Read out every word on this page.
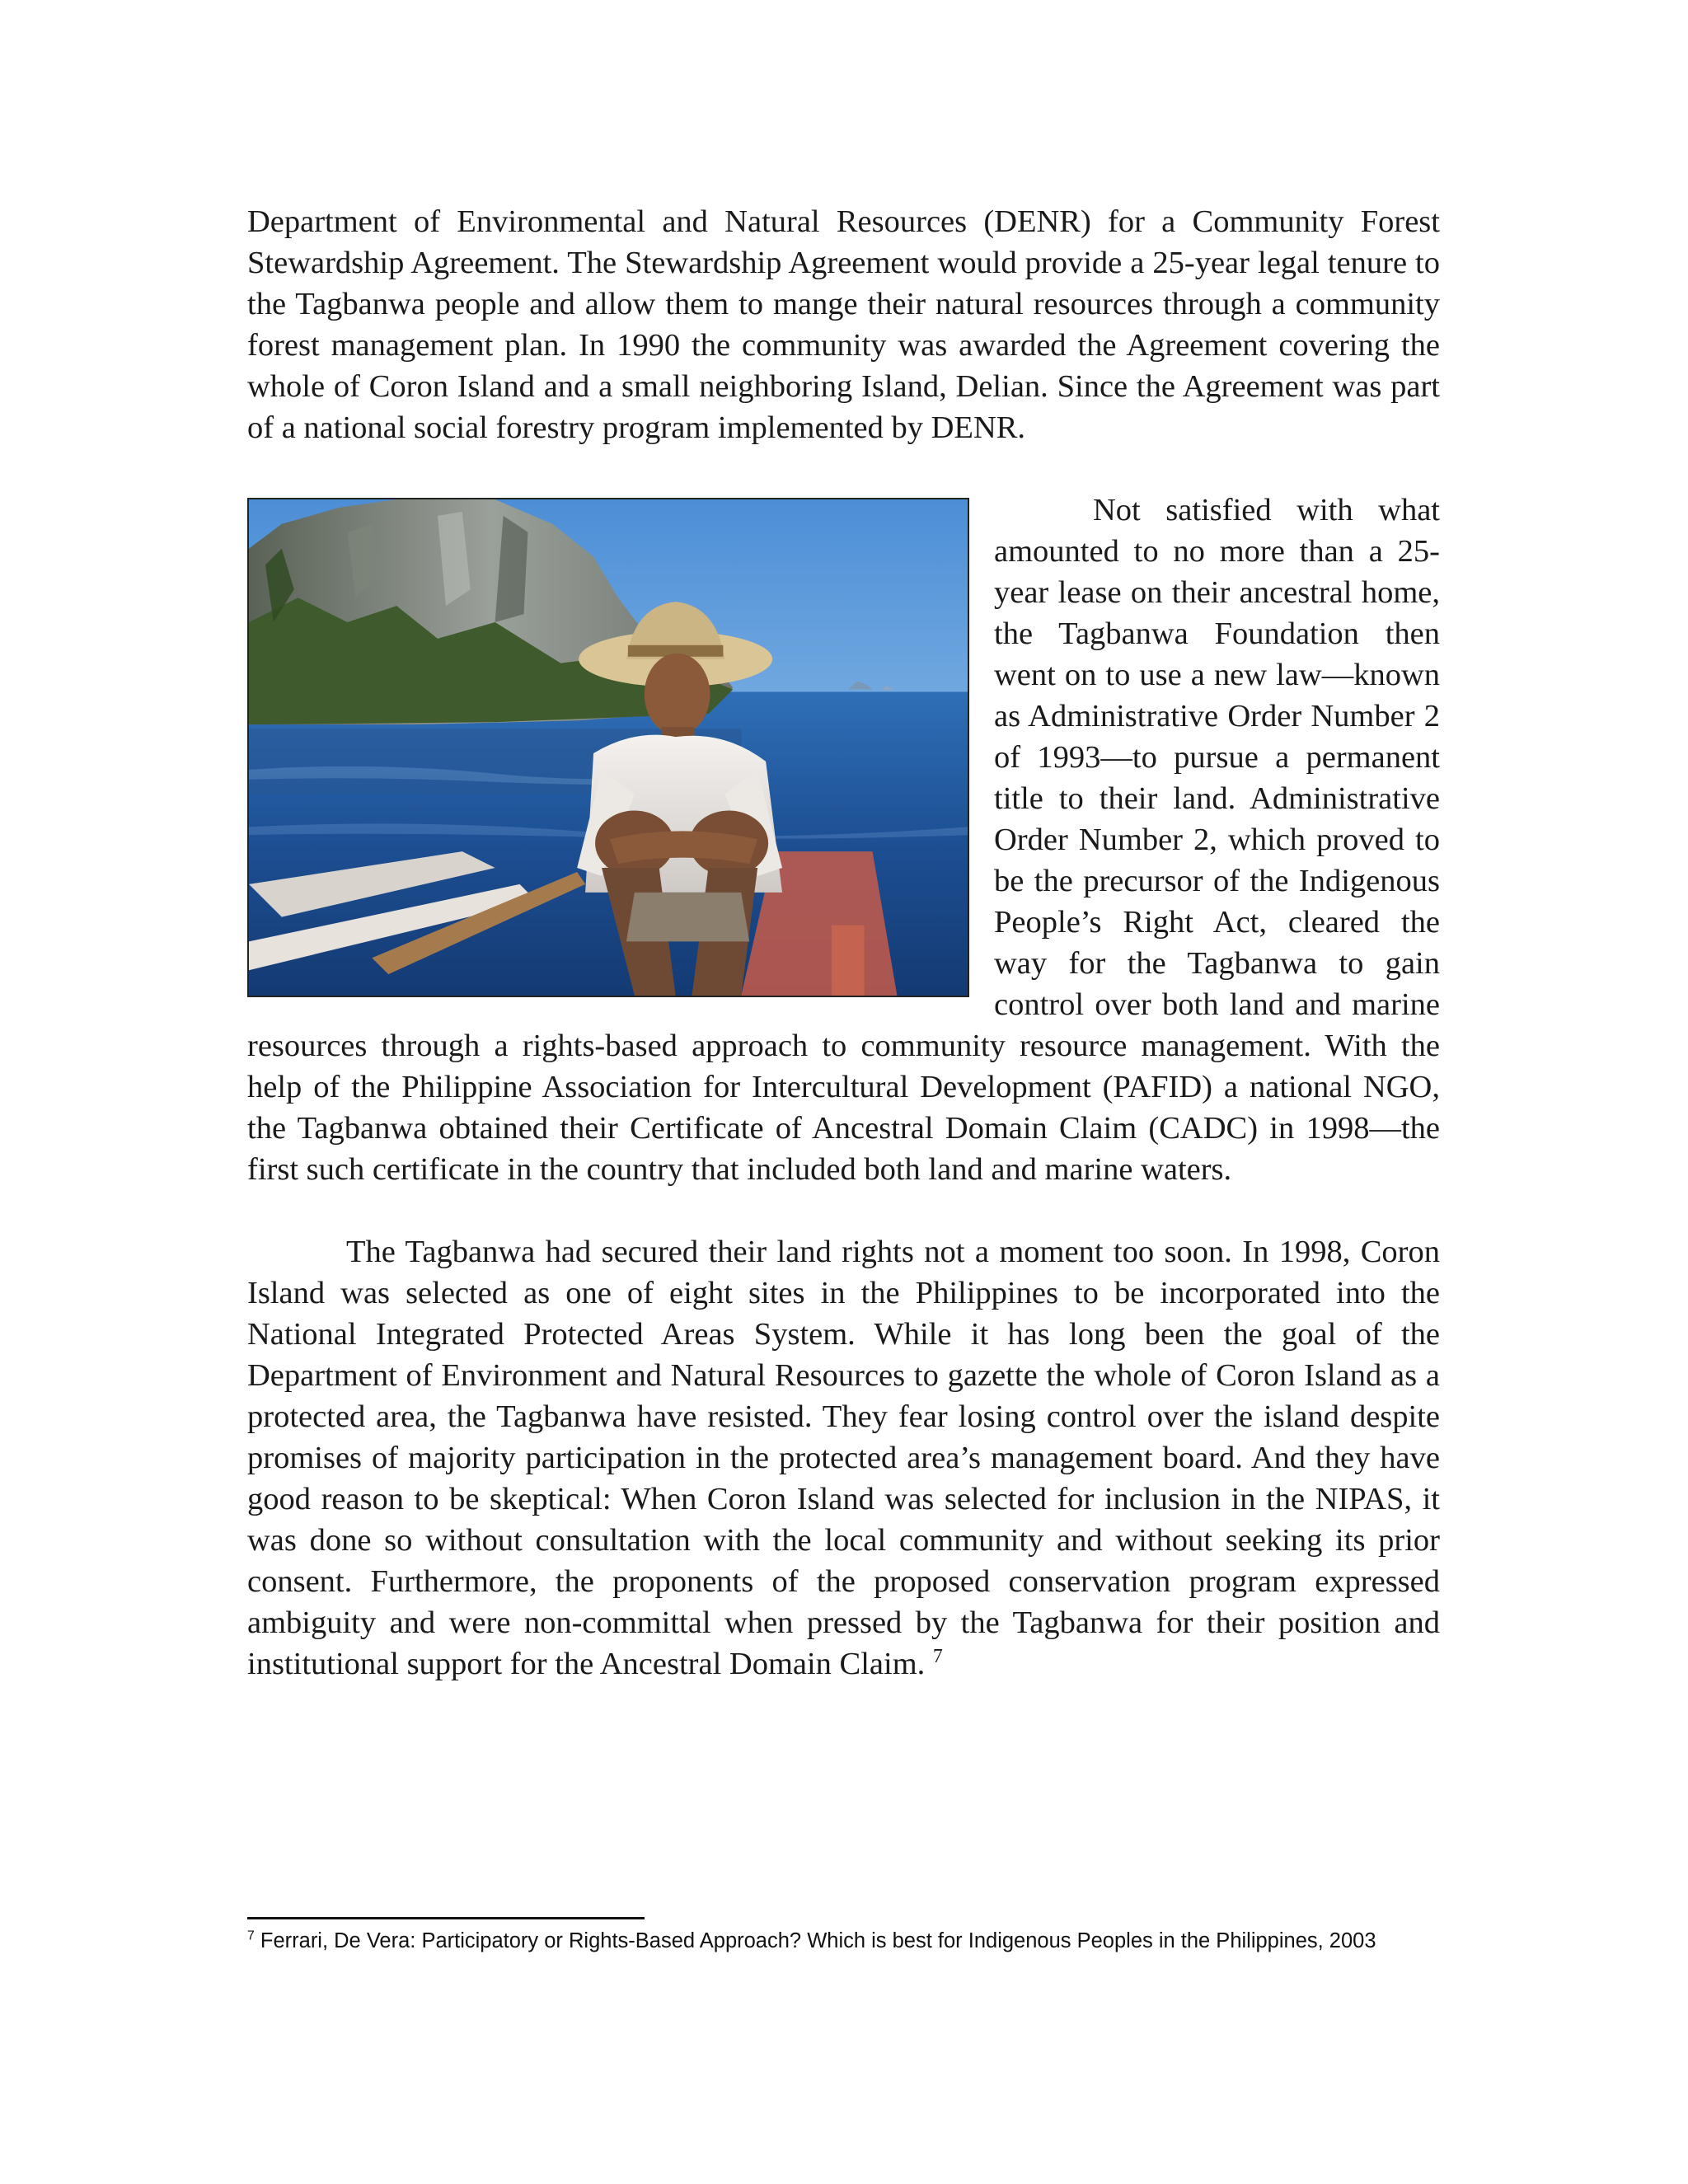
Department of Environmental and Natural Resources (DENR) for a Community Forest Stewardship Agreement. The Stewardship Agreement would provide a 25-year legal tenure to the Tagbanwa people and allow them to mange their natural resources through a community forest management plan. In 1990 the community was awarded the Agreement covering the whole of Coron Island and a small neighboring Island, Delian. Since the Agreement was part of a national social forestry program implemented by DENR.

Not satisfied with what amounted to no more than a 25-year lease on their ancestral home, the Tagbanwa Foundation then went on to use a new law—known as Administrative Order Number 2 of 1993—to pursue a permanent title to their land. Administrative Order Number 2, which proved to be the precursor of the Indigenous People’s Right Act, cleared the way for the Tagbanwa to gain control over both land and marine resources through a rights-based approach to community resource management. With the help of the Philippine Association for Intercultural Development (PAFID) a national NGO, the Tagbanwa obtained their Certificate of Ancestral Domain Claim (CADC) in 1998—the first such certificate in the country that included both land and marine waters.

The Tagbanwa had secured their land rights not a moment too soon. In 1998, Coron Island was selected as one of eight sites in the Philippines to be incorporated into the National Integrated Protected Areas System. While it has long been the goal of the Department of Environment and Natural Resources to gazette the whole of Coron Island as a protected area, the Tagbanwa have resisted. They fear losing control over the island despite promises of majority participation in the protected area’s management board. And they have good reason to be skeptical: When Coron Island was selected for inclusion in the NIPAS, it was done so without consultation with the local community and without seeking its prior consent. Furthermore, the proponents of the proposed conservation program expressed ambiguity and were non-committal when pressed by the Tagbanwa for their position and institutional support for the Ancestral Domain Claim. $^7$

$^7$ Ferrari, De Vera: Participatory or Rights-Based Approach? Which is best for Indigenous Peoples in the Philippines, 2003
